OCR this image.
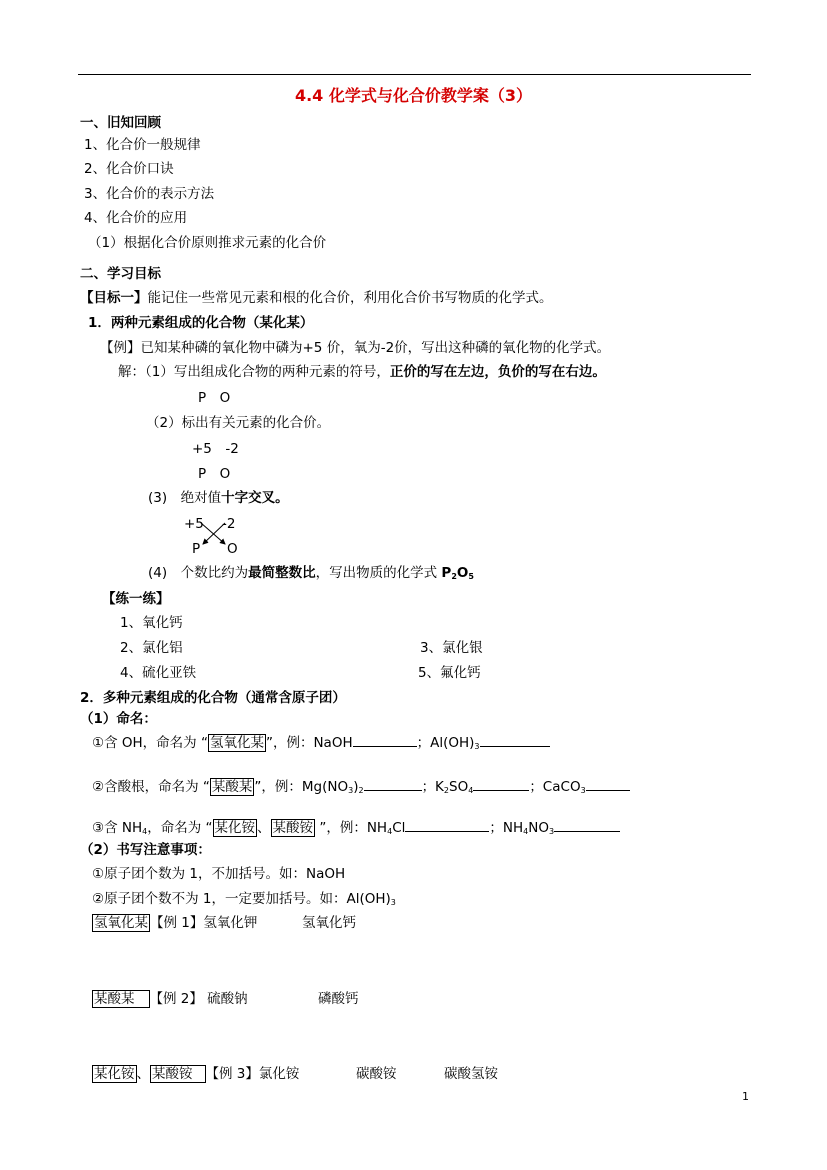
4.4 化学式与化合价教学案（3）
一、旧知回顾
1、化合价一般规律
2、化合价口诀
3、化合价的表示方法
4、化合价的应用
（1）根据化合价原则推求元素的化合价
二、学习目标
【目标一】能记住一些常见元素和根的化合价，利用化合价书写物质的化学式。
1．两种元素组成的化合物（某化某）
【例】已知某种磷的氧化物中磷为+5 价，氧为-2价，写出这种磷的氧化物的化学式。
解：（1）写出组成化合物的两种元素的符号，正价的写在左边，负价的写在右边。
P　O
（2）标出有关元素的化合价。
+5　-2
P　O
(3)　绝对值十字交叉。
+5 -2
P O
(4)　个数比约为最简整数比，写出物质的化学式 $P_2O_5$
【练一练】
1、氧化钙
2、氯化铝	3、氯化银
4、硫化亚铁	5、氟化钙
2．多种元素组成的化合物（通常含原子团）
（1）命名：
①含 OH，命名为 “ 氢氧化某 ”，例：NaOH	；$Al(OH)_3$
②含酸根，命名为 “ 某酸某 ”，例：$Mg(NO_3)_2$	；$K_2SO_4$	；CaCO$_3$
③含 $NH_4$，命名为 “ 某化铵 、 某酸铵 ”，例：$NH_4Cl$	；$NH_4NO_3$
（2）书写注意事项：
①原子团个数为 1，不加括号。如：NaOH
②原子团个数不为 1，一定要加括号。如：$Al(OH)_3$
氢氧化某 【例 1】氢氧化钾	氢氧化钙
某酸某 【例 2】 硫酸钠	磷酸钙
某化铵 、 某酸铵 【例 3】氯化铵	碳酸铵	碳酸氢铵
1
